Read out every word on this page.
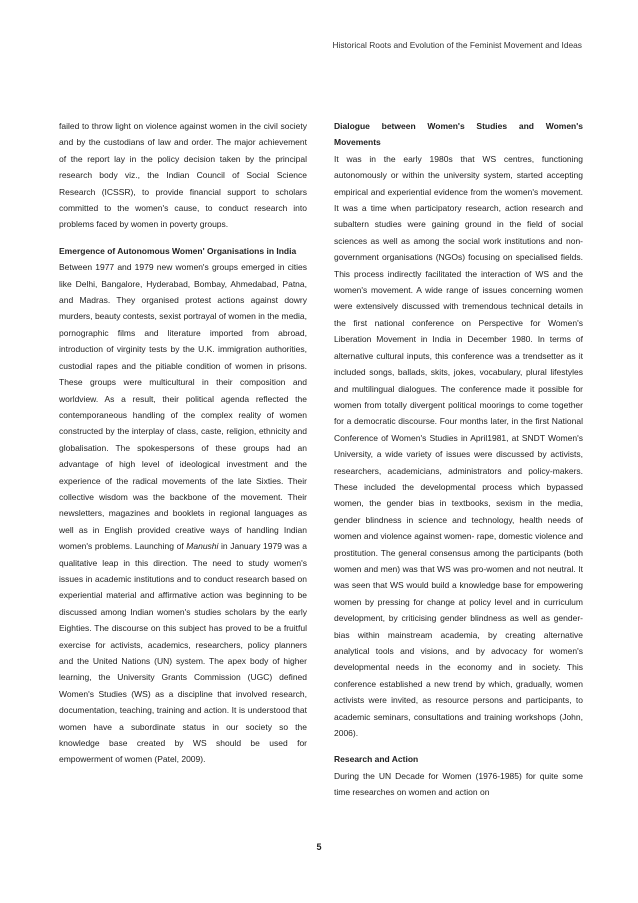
Historical Roots and Evolution of the Feminist Movement and Ideas

failed to throw light on violence against women in the civil society and by the custodians of law and order. The major achievement of the report lay in the policy decision taken by the principal research body viz., the Indian Council of Social Science Research (ICSSR), to provide financial support to scholars committed to the women's cause, to conduct research into problems faced by women in poverty groups.

Emergence of Autonomous Women' Organisations in India

Between 1977 and 1979 new women's groups emerged in cities like Delhi, Bangalore, Hyderabad, Bombay, Ahmedabad, Patna, and Madras. They organised protest actions against dowry murders, beauty contests, sexist portrayal of women in the media, pornographic films and literature imported from abroad, introduction of virginity tests by the U.K. immigration authorities, custodial rapes and the pitiable condition of women in prisons. These groups were multicultural in their composition and worldview. As a result, their political agenda reflected the contemporaneous handling of the complex reality of women constructed by the interplay of class, caste, religion, ethnicity and globalisation. The spokespersons of these groups had an advantage of high level of ideological investment and the experience of the radical movements of the late Sixties. Their collective wisdom was the backbone of the movement. Their newsletters, magazines and booklets in regional languages as well as in English provided creative ways of handling Indian women's problems. Launching of Manushi in January 1979 was a qualitative leap in this direction. The need to study women's issues in academic institutions and to conduct research based on experiential material and affirmative action was beginning to be discussed among Indian women's studies scholars by the early Eighties. The discourse on this subject has proved to be a fruitful exercise for activists, academics, researchers, policy planners and the United Nations (UN) system. The apex body of higher learning, the University Grants Commission (UGC) defined Women's Studies (WS) as a discipline that involved research, documentation, teaching, training and action. It is understood that women have a subordinate status in our society so the knowledge base created by WS should be used for empowerment of women (Patel, 2009).

Dialogue between Women's Studies and Women's Movements

It was in the early 1980s that WS centres, functioning autonomously or within the university system, started accepting empirical and experiential evidence from the women's movement. It was a time when participatory research, action research and subaltern studies were gaining ground in the field of social sciences as well as among the social work institutions and non-government organisations (NGOs) focusing on specialised fields. This process indirectly facilitated the interaction of WS and the women's movement. A wide range of issues concerning women were extensively discussed with tremendous technical details in the first national conference on Perspective for Women's Liberation Movement in India in December 1980. In terms of alternative cultural inputs, this conference was a trendsetter as it included songs, ballads, skits, jokes, vocabulary, plural lifestyles and multilingual dialogues. The conference made it possible for women from totally divergent political moorings to come together for a democratic discourse. Four months later, in the first National Conference of Women's Studies in April1981, at SNDT Women's University, a wide variety of issues were discussed by activists, researchers, academicians, administrators and policy-makers. These included the developmental process which bypassed women, the gender bias in textbooks, sexism in the media, gender blindness in science and technology, health needs of women and violence against women- rape, domestic violence and prostitution. The general consensus among the participants (both women and men) was that WS was pro-women and not neutral. It was seen that WS would build a knowledge base for empowering women by pressing for change at policy level and in curriculum development, by criticising gender blindness as well as gender-bias within mainstream academia, by creating alternative analytical tools and visions, and by advocacy for women's developmental needs in the economy and in society. This conference established a new trend by which, gradually, women activists were invited, as resource persons and participants, to academic seminars, consultations and training workshops (John, 2006).

Research and Action

During the UN Decade for Women (1976-1985) for quite some time researches on women and action on

5
